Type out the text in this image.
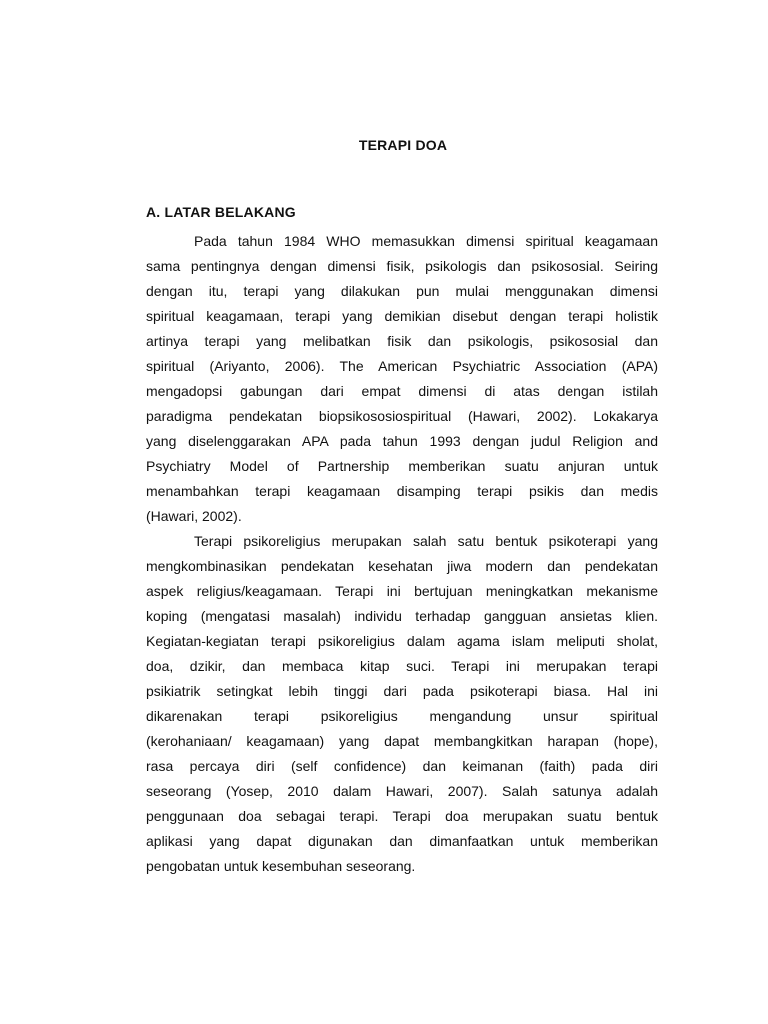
TERAPI DOA
A. LATAR BELAKANG
Pada tahun 1984 WHO memasukkan dimensi spiritual keagamaan
sama pentingnya dengan dimensi fisik, psikologis dan psikososial. Seiring
dengan itu, terapi yang dilakukan pun mulai menggunakan dimensi
spiritual keagamaan, terapi yang demikian disebut dengan terapi holistik
artinya terapi yang melibatkan fisik dan psikologis, psikososial dan
spiritual (Ariyanto, 2006). The American Psychiatric Association (APA)
mengadopsi gabungan dari empat dimensi di atas dengan istilah
paradigma pendekatan biopsikososiospiritual (Hawari, 2002). Lokakarya
yang diselenggarakan APA pada tahun 1993 dengan judul Religion and
Psychiatry Model of Partnership memberikan suatu anjuran untuk
menambahkan terapi keagamaan disamping terapi psikis dan medis
(Hawari, 2002).
Terapi psikoreligius merupakan salah satu bentuk psikoterapi yang
mengkombinasikan pendekatan kesehatan jiwa modern dan pendekatan
aspek religius/keagamaan. Terapi ini bertujuan meningkatkan mekanisme
koping (mengatasi masalah) individu terhadap gangguan ansietas klien.
Kegiatan-kegiatan terapi psikoreligius dalam agama islam meliputi sholat,
doa, dzikir, dan membaca kitap suci. Terapi ini merupakan terapi
psikiatrik setingkat lebih tinggi dari pada psikoterapi biasa. Hal ini
dikarenakan terapi psikoreligius mengandung unsur spiritual
(kerohaniaan/ keagamaan) yang dapat membangkitkan harapan (hope),
rasa percaya diri (self confidence) dan keimanan (faith) pada diri
seseorang (Yosep, 2010 dalam Hawari, 2007). Salah satunya adalah
penggunaan doa sebagai terapi. Terapi doa merupakan suatu bentuk
aplikasi yang dapat digunakan dan dimanfaatkan untuk memberikan
pengobatan untuk kesembuhan seseorang.
